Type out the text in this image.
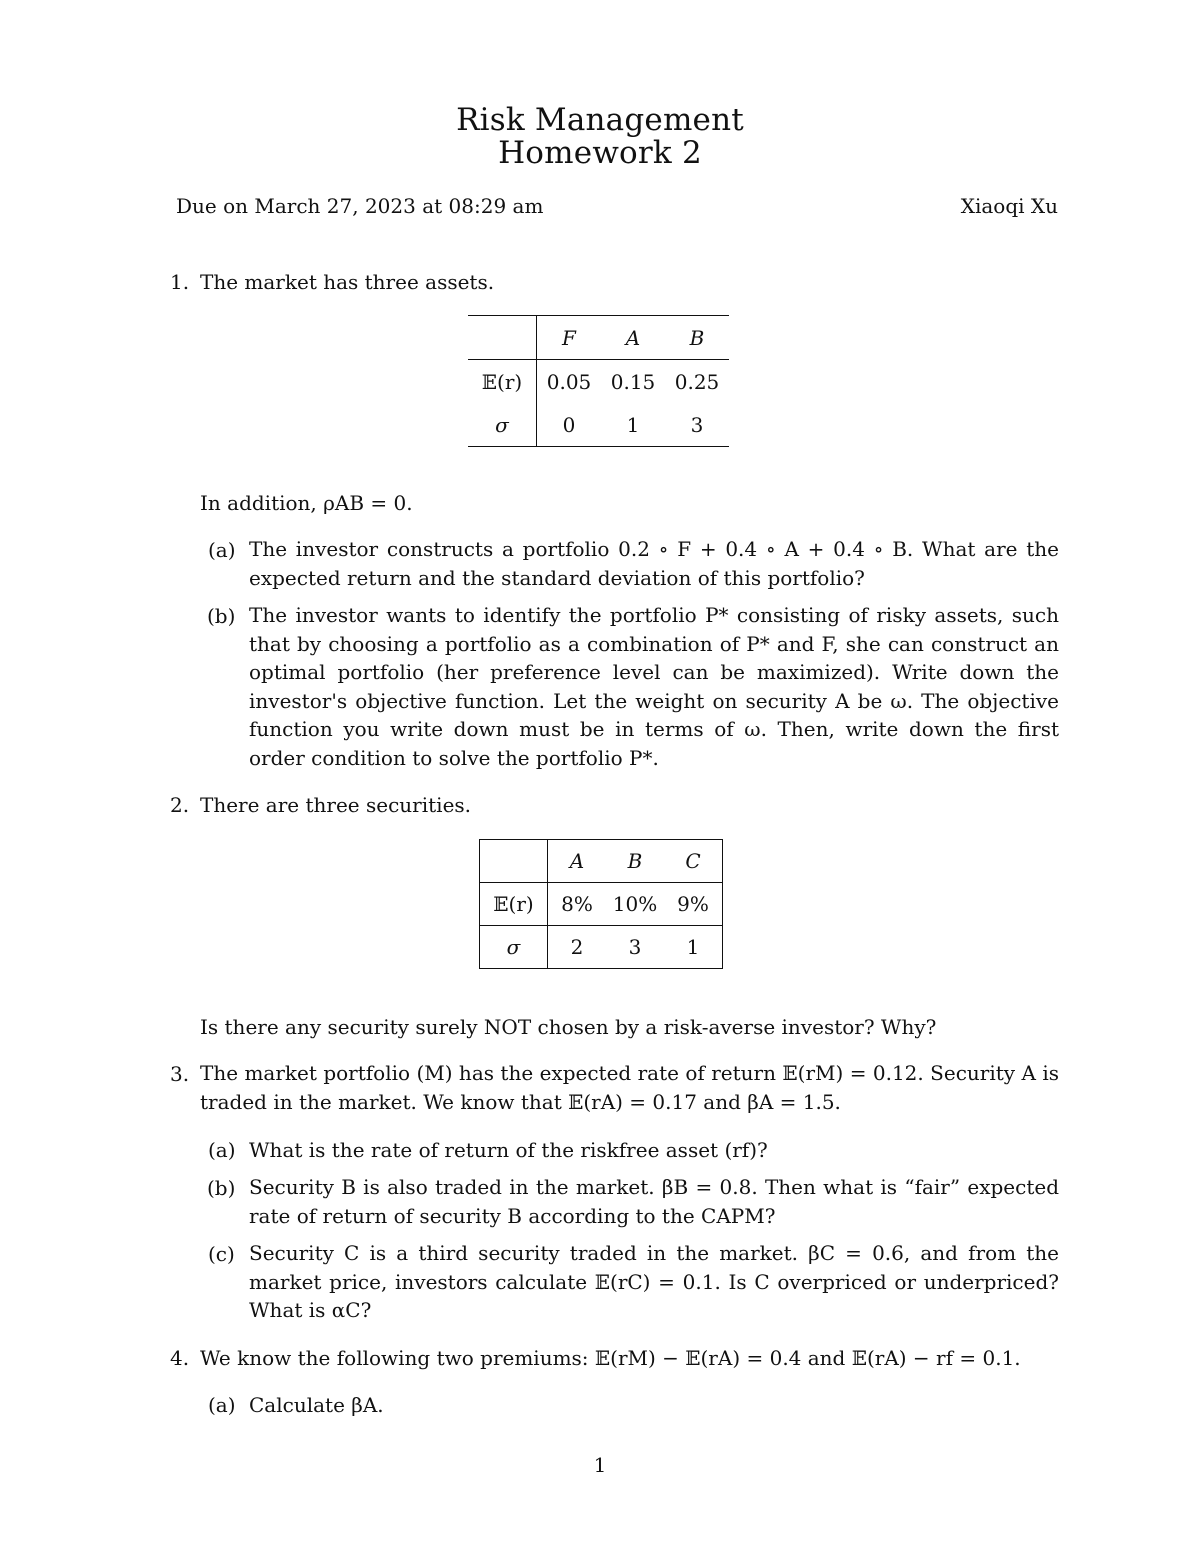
Risk Management
Homework 2
Due on March 27, 2023 at 08:29 am	Xiaoqi Xu
1. The market has three assets.
	F	A	B
𝔼(r)	0.05	0.15	0.25
σ	0	1	3
In addition, ρAB = 0.
(a) The investor constructs a portfolio 0.2 ∘ F + 0.4 ∘ A + 0.4 ∘ B. What are the expected return and the standard deviation of this portfolio?
(b) The investor wants to identify the portfolio P* consisting of risky assets, such that by choosing a portfolio as a combination of P* and F, she can construct an optimal portfolio (her preference level can be maximized). Write down the investor's objective function. Let the weight on security A be ω. The objective function you write down must be in terms of ω. Then, write down the first order condition to solve the portfolio P*.
2. There are three securities.
	A	B	C
𝔼(r)	8%	10%	9%
σ	2	3	1
Is there any security surely NOT chosen by a risk-averse investor? Why?
3. The market portfolio (M) has the expected rate of return 𝔼(rM) = 0.12. Security A is traded in the market. We know that 𝔼(rA) = 0.17 and βA = 1.5.
(a) What is the rate of return of the riskfree asset (rf)?
(b) Security B is also traded in the market. βB = 0.8. Then what is “fair” expected rate of return of security B according to the CAPM?
(c) Security C is a third security traded in the market. βC = 0.6, and from the market price, investors calculate 𝔼(rC) = 0.1. Is C overpriced or underpriced? What is αC?
4. We know the following two premiums: 𝔼(rM) − 𝔼(rA) = 0.4 and 𝔼(rA) − rf = 0.1.
(a) Calculate βA.
1
